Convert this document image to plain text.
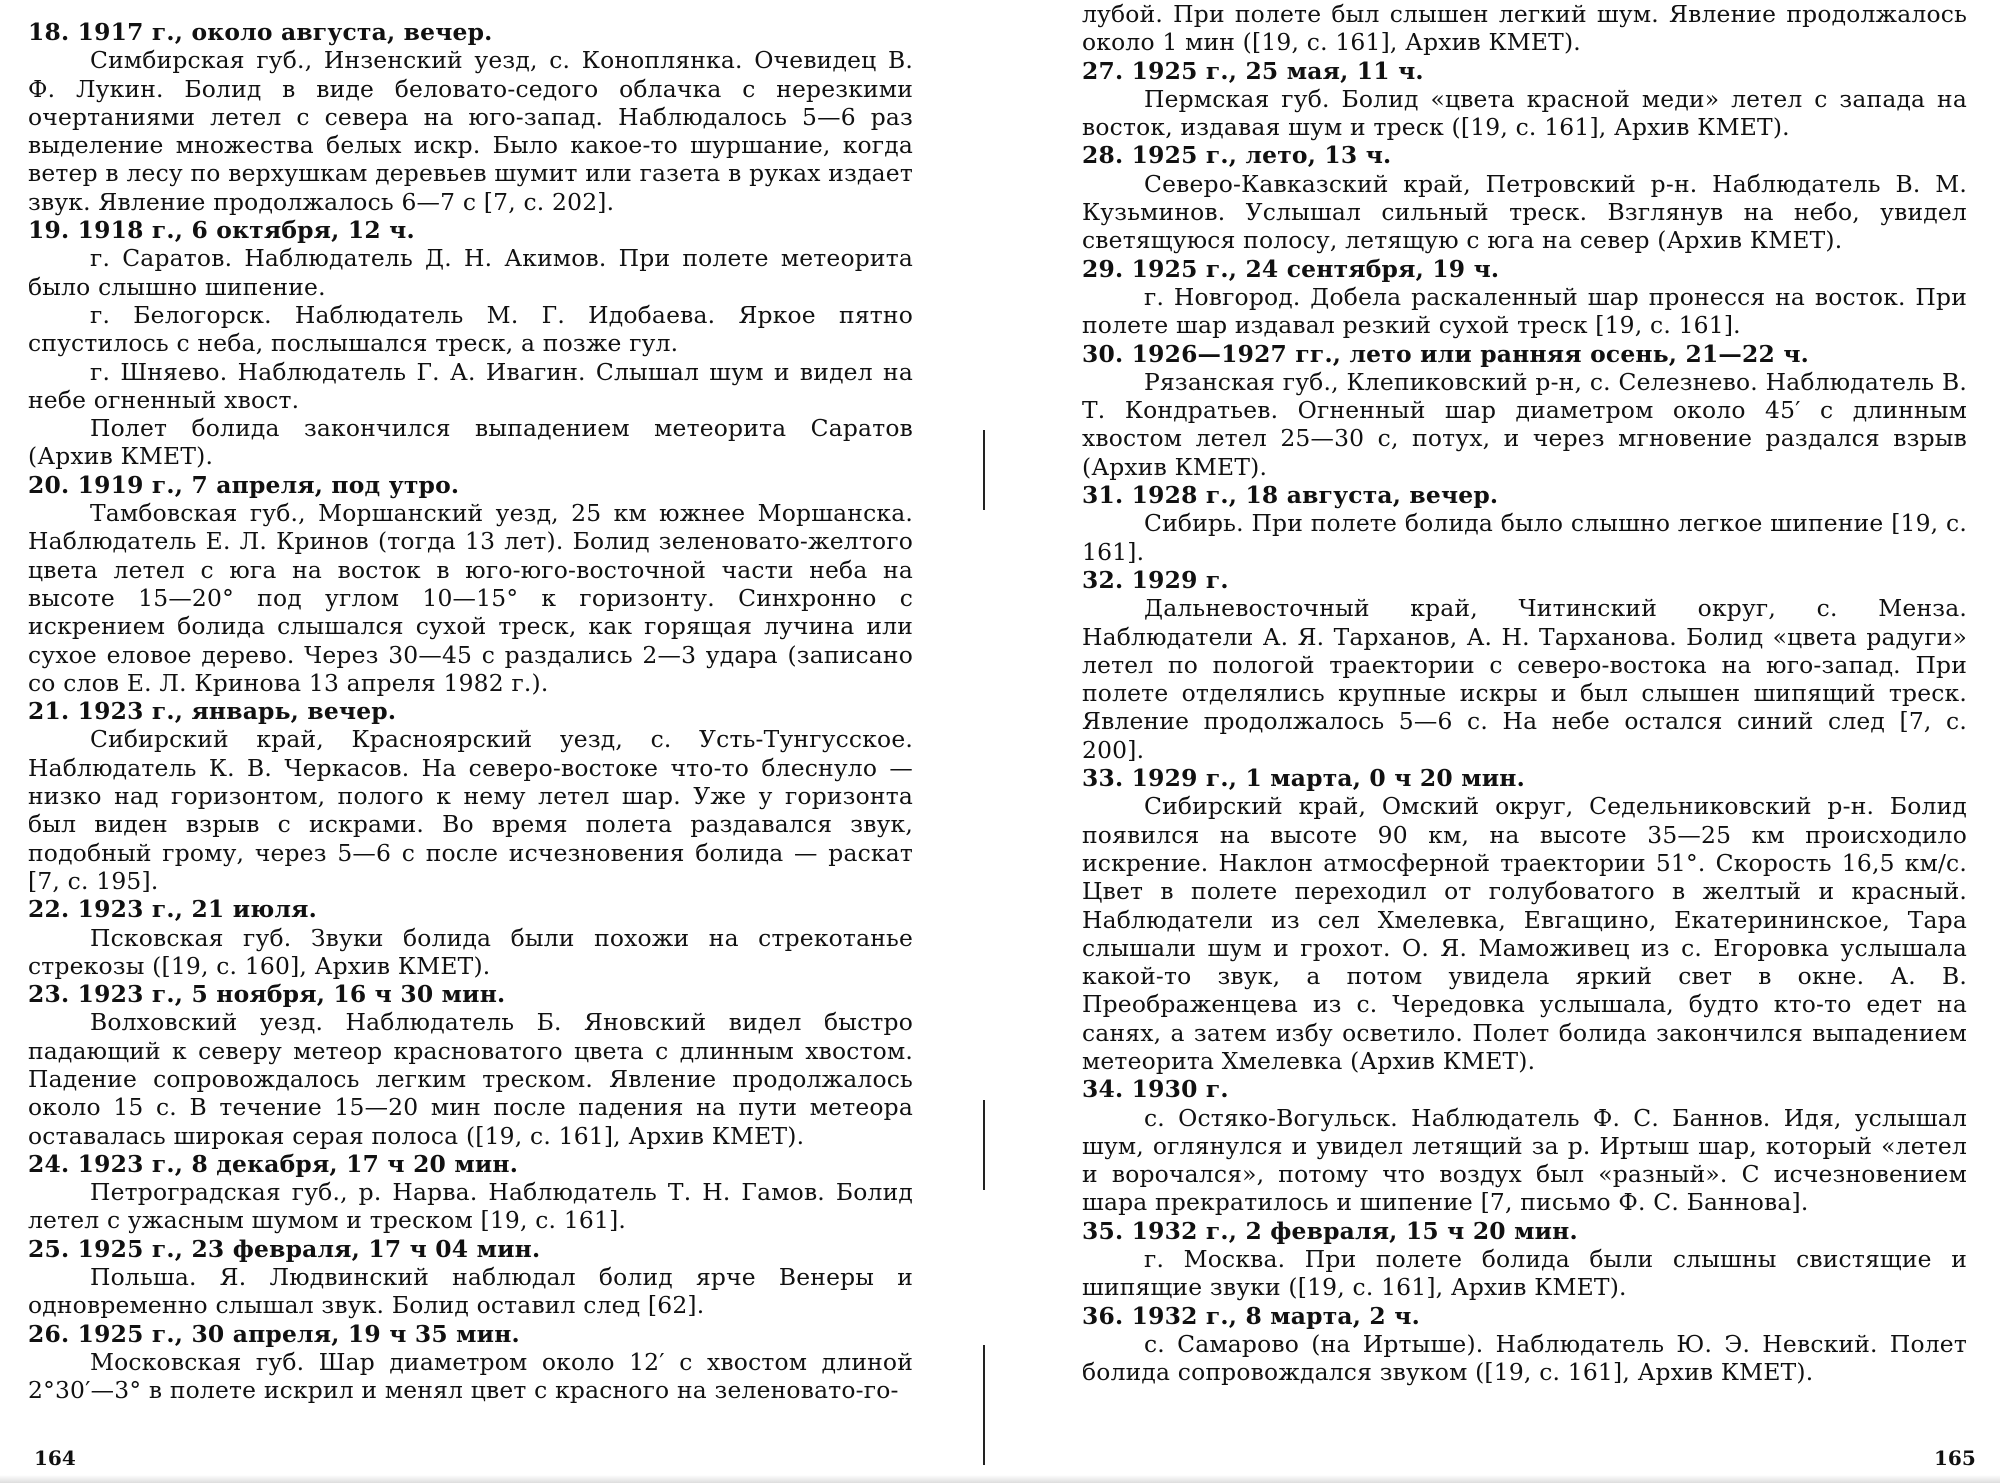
18. 1917 г., около августа, вечер.

Симбирская губ., Инзенский уезд, с. Коноплянка. Очевидец В. Ф. Лукин. Болид в виде беловато-седого облачка с нерезкими очертаниями летел с севера на юго-запад. Наблюдалось 5—6 раз выделение множества белых искр. Было какое-то шуршание, когда ветер в лесу по верхушкам деревьев шумит или газета в руках издает звук. Явление продолжалось 6—7 с [7, с. 202].

19. 1918 г., 6 октября, 12 ч.

г. Саратов. Наблюдатель Д. Н. Акимов. При полете метеорита было слышно шипение.

г. Белогорск. Наблюдатель М. Г. Идобаева. Яркое пятно спустилось с неба, послышался треск, а позже гул.

г. Шняево. Наблюдатель Г. А. Ивагин. Слышал шум и видел на небе огненный хвост.

Полет болида закончился выпадением метеорита Саратов (Архив КМЕТ).

20. 1919 г., 7 апреля, под утро.

Тамбовская губ., Моршанский уезд, 25 км южнее Моршанска. Наблюдатель Е. Л. Кринов (тогда 13 лет). Болид зеленовато-желтого цвета летел с юга на восток в юго-юго-восточной части неба на высоте 15—20° под углом 10—15° к горизонту. Синхронно с искрением болида слышался сухой треск, как горящая лучина или сухое еловое дерево. Через 30—45 с раздались 2—3 удара (записано со слов Е. Л. Кринова 13 апреля 1982 г.).

21. 1923 г., январь, вечер.

Сибирский край, Красноярский уезд, с. Усть-Тунгусское. Наблюдатель К. В. Черкасов. На северо-востоке что-то блеснуло — низко над горизонтом, полого к нему летел шар. Уже у горизонта был виден взрыв с искрами. Во время полета раздавался звук, подобный грому, через 5—6 с после исчезновения болида — раскат [7, с. 195].

22. 1923 г., 21 июля.

Псковская губ. Звуки болида были похожи на стрекотанье стрекозы ([19, с. 160], Архив КМЕТ).

23. 1923 г., 5 ноября, 16 ч 30 мин.

Волховский уезд. Наблюдатель Б. Яновский видел быстро падающий к северу метеор красноватого цвета с длинным хвостом. Падение сопровождалось легким треском. Явление продолжалось около 15 с. В течение 15—20 мин после падения на пути метеора оставалась широкая серая полоса ([19, с. 161], Архив КМЕТ).

24. 1923 г., 8 декабря, 17 ч 20 мин.

Петроградская губ., р. Нарва. Наблюдатель Т. Н. Гамов. Болид летел с ужасным шумом и треском [19, с. 161].

25. 1925 г., 23 февраля, 17 ч 04 мин.

Польша. Я. Людвинский наблюдал болид ярче Венеры и одновременно слышал звук. Болид оставил след [62].

26. 1925 г., 30 апреля, 19 ч 35 мин.

Московская губ. Шар диаметром около 12′ с хвостом длиной 2°30′—3° в полете искрил и менял цвет с красного на зеленовато-го-

лубой. При полете был слышен легкий шум. Явление продолжалось около 1 мин ([19, с. 161], Архив КМЕТ).

27. 1925 г., 25 мая, 11 ч.

Пермская губ. Болид «цвета красной меди» летел с запада на восток, издавая шум и треск ([19, с. 161], Архив КМЕТ).

28. 1925 г., лето, 13 ч.

Северо-Кавказский край, Петровский р-н. Наблюдатель В. М. Кузьминов. Услышал сильный треск. Взглянув на небо, увидел светящуюся полосу, летящую с юга на север (Архив КМЕТ).

29. 1925 г., 24 сентября, 19 ч.

г. Новгород. Добела раскаленный шар пронесся на восток. При полете шар издавал резкий сухой треск [19, с. 161].

30. 1926—1927 гг., лето или ранняя осень, 21—22 ч.

Рязанская губ., Клепиковский р-н, с. Селезнево. Наблюдатель В. Т. Кондратьев. Огненный шар диаметром около 45′ с длинным хвостом летел 25—30 с, потух, и через мгновение раздался взрыв (Архив КМЕТ).

31. 1928 г., 18 августа, вечер.

Сибирь. При полете болида было слышно легкое шипение [19, с. 161].

32. 1929 г.

Дальневосточный край, Читинский округ, с. Менза. Наблюдатели А. Я. Тарханов, А. Н. Тарханова. Болид «цвета радуги» летел по пологой траектории с северо-востока на юго-запад. При полете отделялись крупные искры и был слышен шипящий треск. Явление продолжалось 5—6 с. На небе остался синий след [7, с. 200].

33. 1929 г., 1 марта, 0 ч 20 мин.

Сибирский край, Омский округ, Седельниковский р-н. Болид появился на высоте 90 км, на высоте 35—25 км происходило искрение. Наклон атмосферной траектории 51°. Скорость 16,5 км/с. Цвет в полете переходил от голубоватого в желтый и красный. Наблюдатели из сел Хмелевка, Евгащино, Екатерининское, Тара слышали шум и грохот. О. Я. Маможивец из с. Егоровка услышала какой-то звук, а потом увидела яркий свет в окне. А. В. Преображенцева из с. Чередовка услышала, будто кто-то едет на санях, а затем избу осветило. Полет болида закончился выпадением метеорита Хмелевка (Архив КМЕТ).

34. 1930 г.

с. Остяко-Вогульск. Наблюдатель Ф. С. Баннов. Идя, услышал шум, оглянулся и увидел летящий за р. Иртыш шар, который «летел и ворочался», потому что воздух был «разный». С исчезновением шара прекратилось и шипение [7, письмо Ф. С. Баннова].

35. 1932 г., 2 февраля, 15 ч 20 мин.

г. Москва. При полете болида были слышны свистящие и шипящие звуки ([19, с. 161], Архив КМЕТ).

36. 1932 г., 8 марта, 2 ч.

с. Самарово (на Иртыше). Наблюдатель Ю. Э. Невский. Полет болида сопровождался звуком ([19, с. 161], Архив КМЕТ).

164	165
